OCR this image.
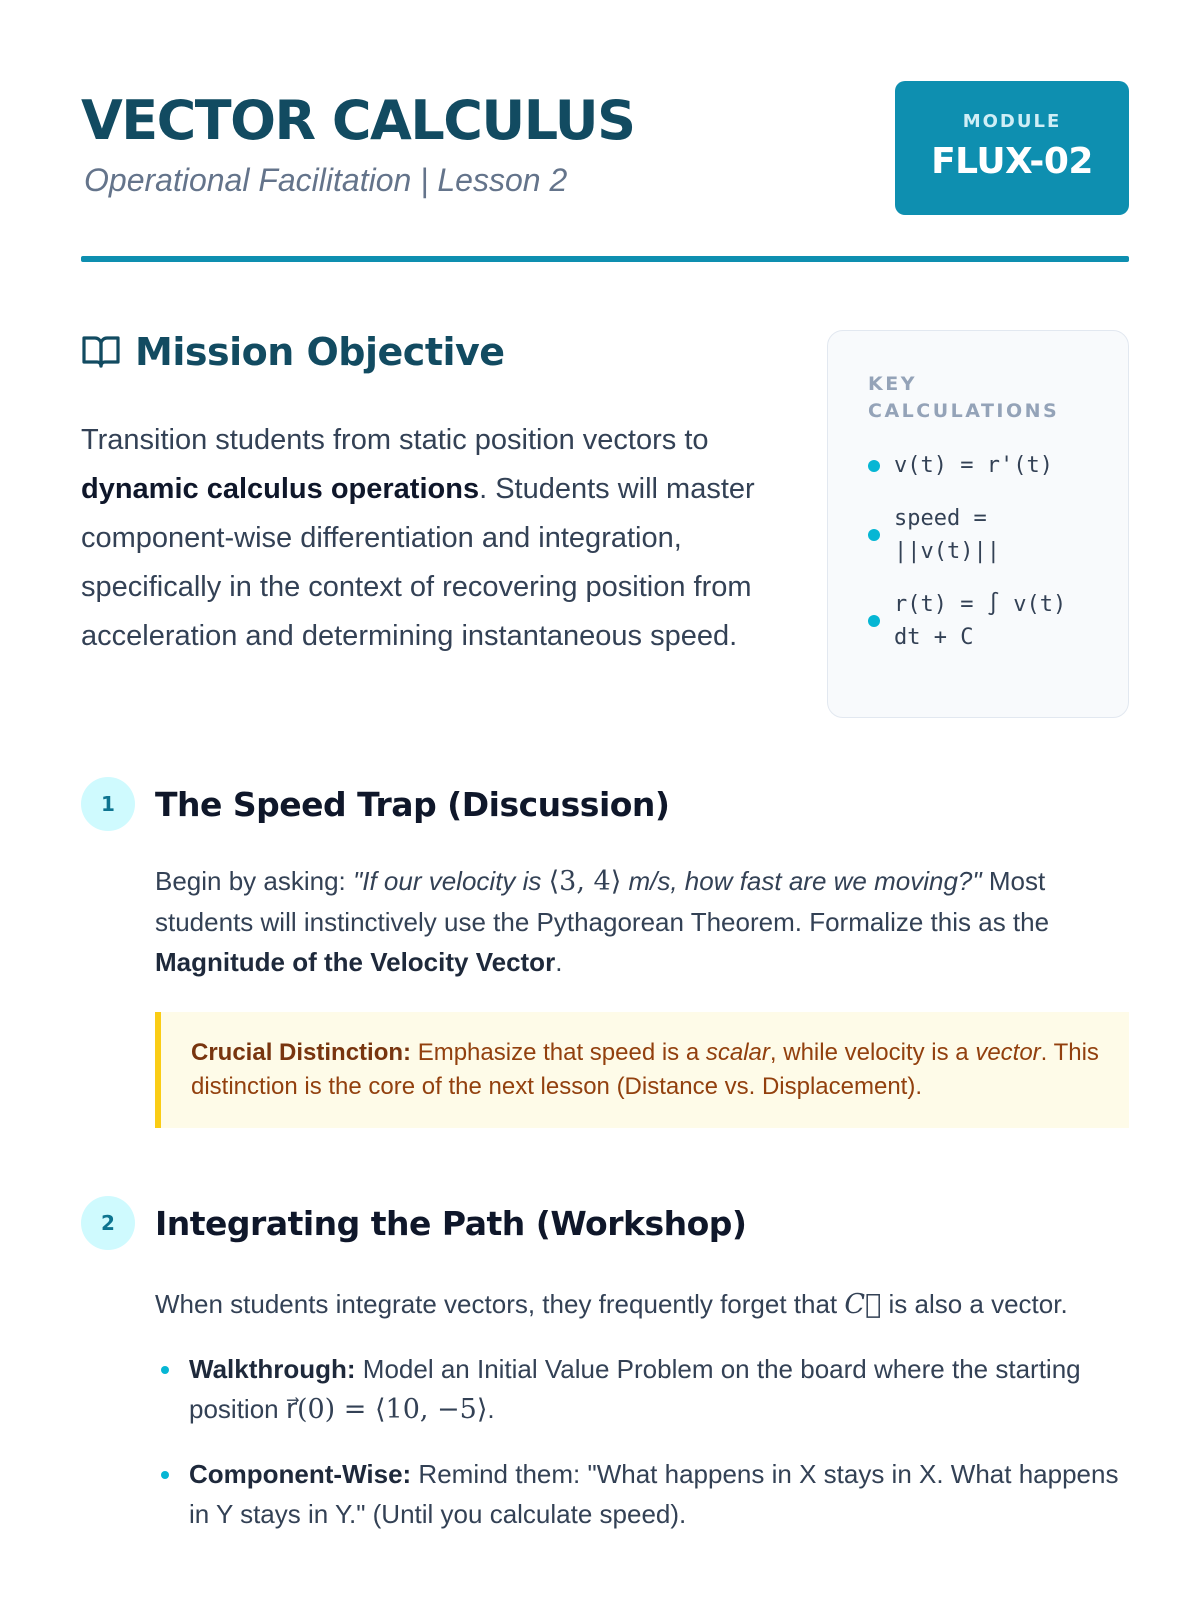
VECTOR CALCULUS
Operational Facilitation | Lesson 2
MODULE
FLUX-02
Mission Objective

Transition students from static position vectors to dynamic calculus operations. Students will master component-wise differentiation and integration, specifically in the context of recovering position from acceleration and determining instantaneous speed.

KEY CALCULATIONS
v(t) = r'(t)
speed = ||v(t)||
r(t) = ∫ v(t) dt + C
1	The Speed Trap (Discussion)

Begin by asking: "If our velocity is ⟨3, 4⟩ m/s, how fast are we moving?" Most students will instinctively use the Pythagorean Theorem. Formalize this as the Magnitude of the Velocity Vector.

Crucial Distinction: Emphasize that speed is a scalar, while velocity is a vector. This distinction is the core of the next lesson (Distance vs. Displacement).
2	Integrating the Path (Workshop)

When students integrate vectors, they frequently forget that C⃗ is also a vector.

Walkthrough: Model an Initial Value Problem on the board where the starting position r⃗(0) = ⟨10, −5⟩.
Component-Wise: Remind them: "What happens in X stays in X. What happens in Y stays in Y." (Until you calculate speed).
